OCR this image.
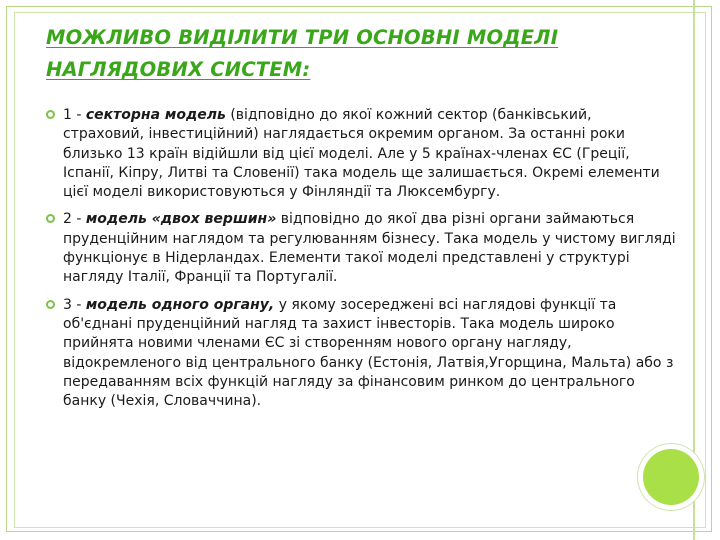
МОЖЛИВО ВИДІЛИТИ ТРИ ОСНОВНІ МОДЕЛІ НАГЛЯДОВИХ СИСТЕМ:
1 - секторна модель (відповідно до якої кожний сектор (банківський, страховий, інвестиційний) наглядається окремим органом. За останні роки близько 13 країн відійшли від цієї моделі. Але у 5 країнах-членах ЄС (Греції, Іспанії, Кіпру, Литві та Словенії) така модель ще залишається. Окремі елементи цієї моделі використовуються у Фінляндії та Люксембургу.
2 - модель «двох вершин» відповідно до якої два різні органи займаються пруденційним наглядом та регулюванням бізнесу. Така модель у чистому вигляді функціонує в Нідерландах. Елементи такої моделі представлені у структурі нагляду Італії, Франції та Португалії.
3 - модель одного органу, у якому зосереджені всі наглядові функції та об'єднані пруденційний нагляд та захист інвесторів. Така модель широко прийнята новими членами ЄС зі створенням нового органу нагляду, відокремленого від центрального банку (Естонія, Латвія,Угорщина, Мальта) або з передаванням всіх функцій нагляду за фінансовим ринком до центрального банку (Чехія, Словаччина).
